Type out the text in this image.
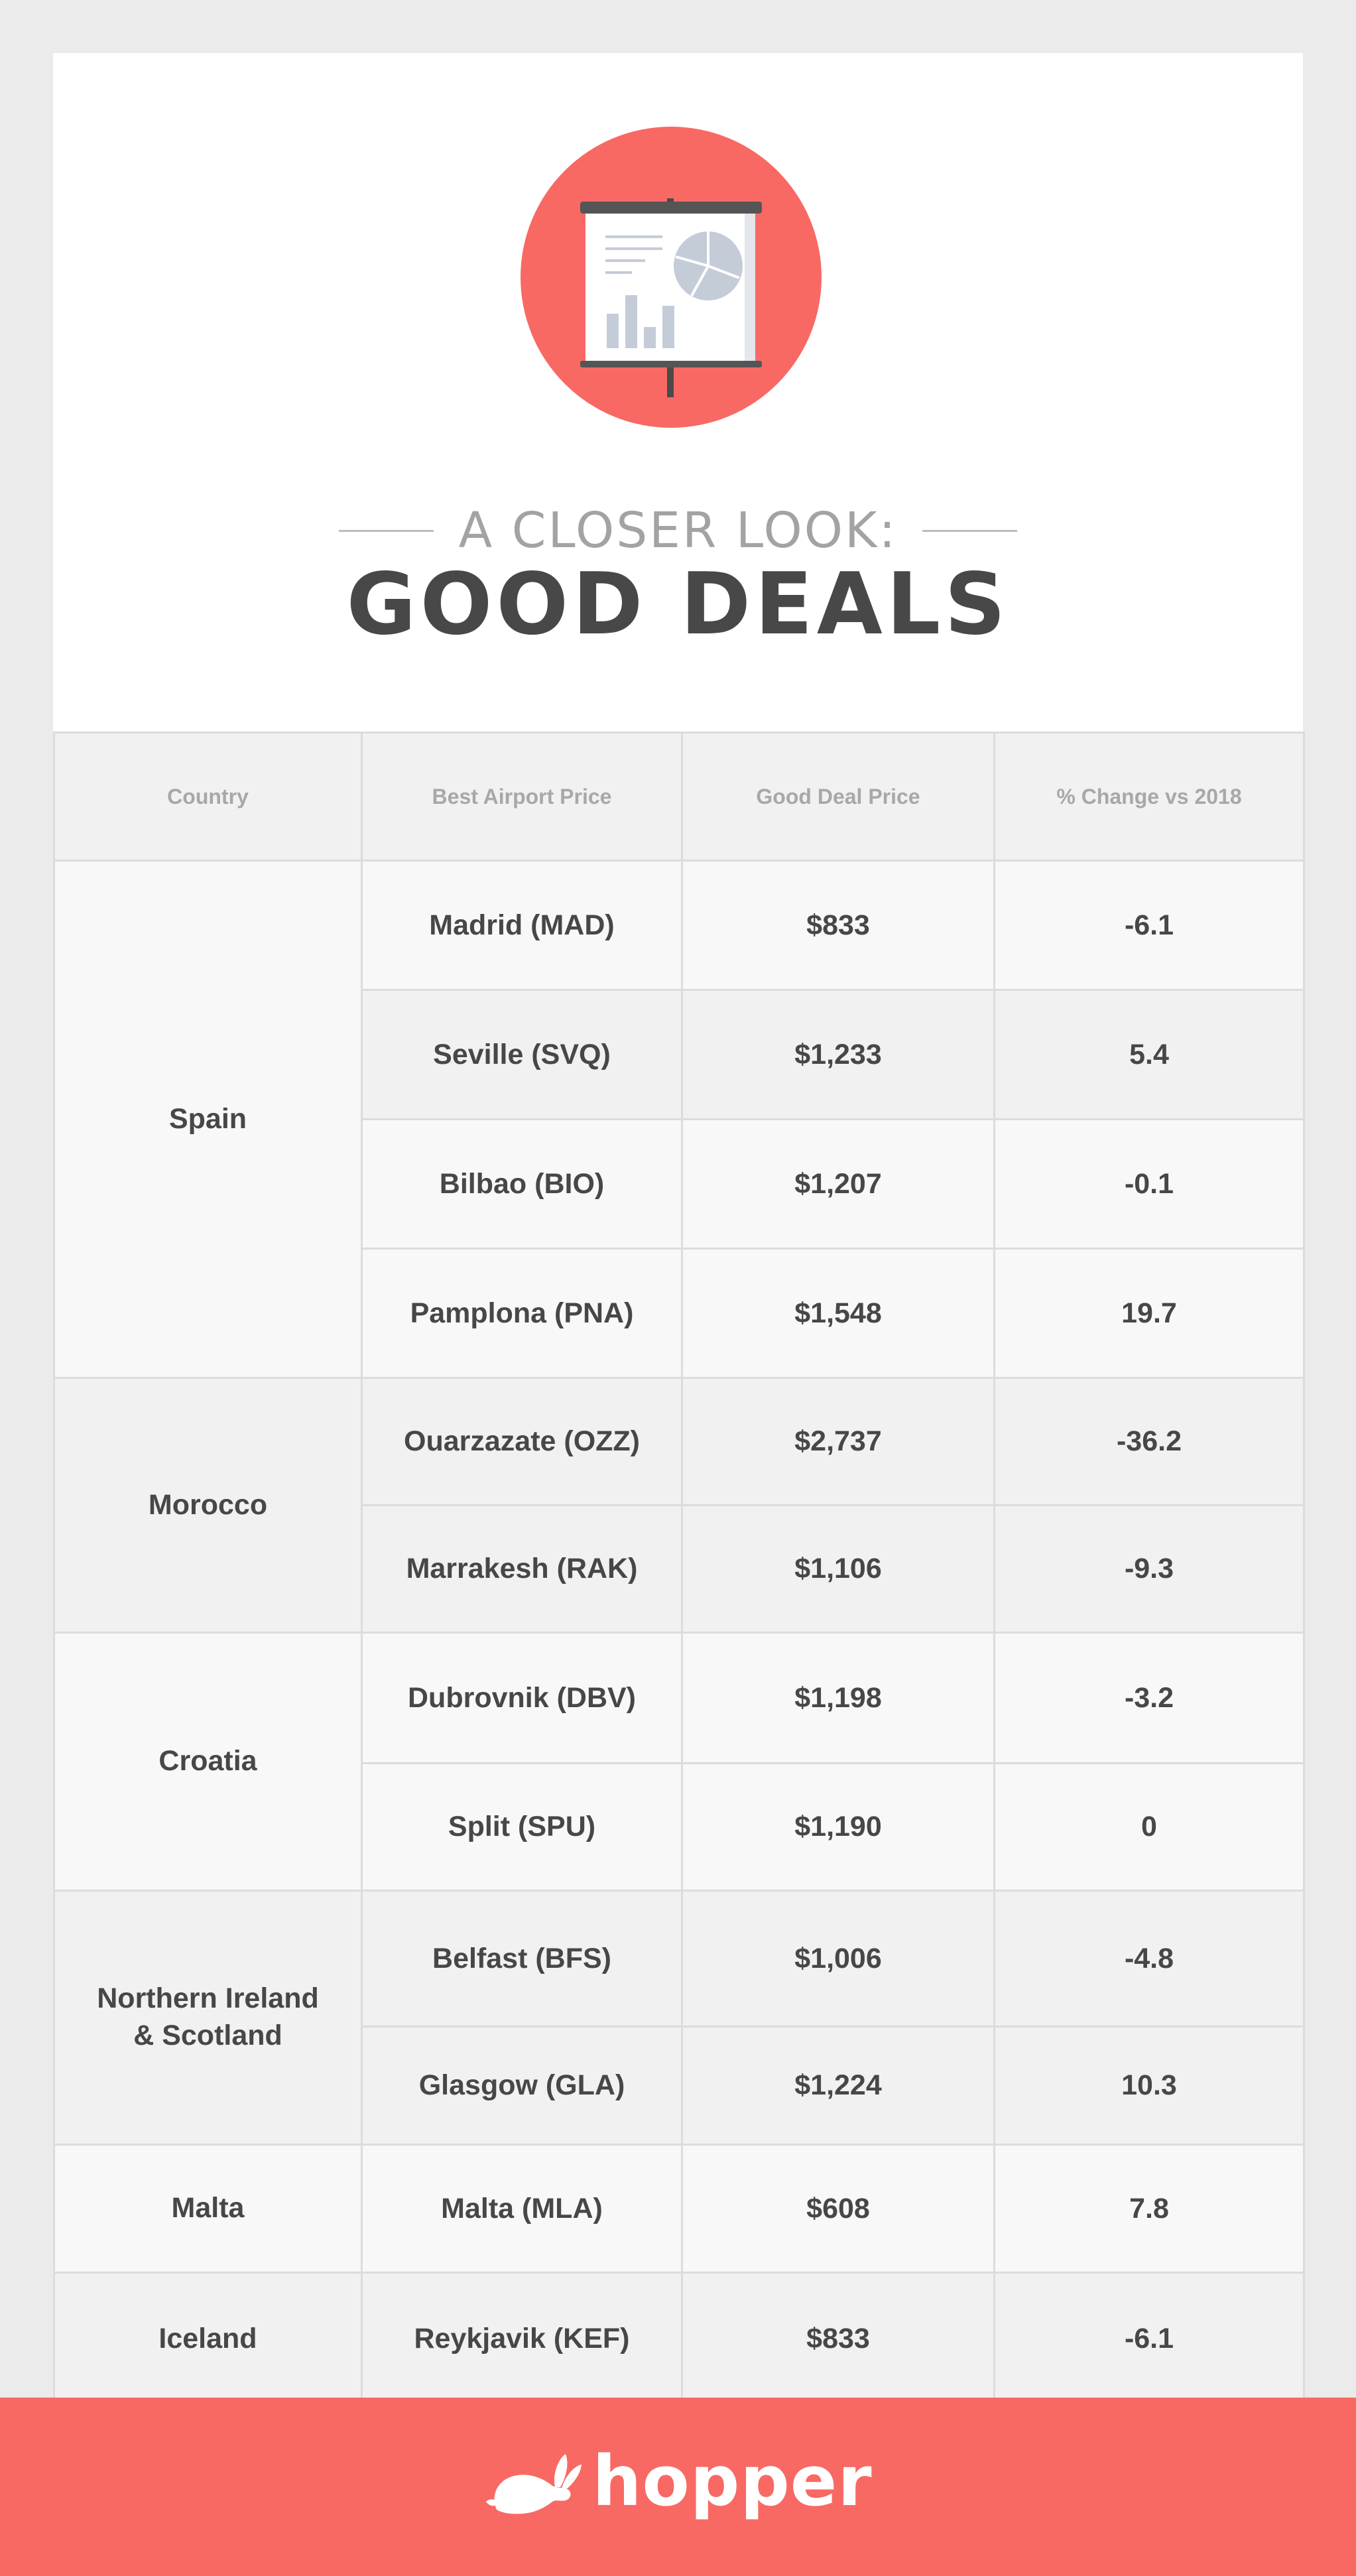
A CLOSER LOOK:
GOOD DEALS
Country	Best Airport Price	Good Deal Price	% Change vs 2018
Spain	Madrid (MAD)	$833	-6.1
	Seville (SVQ)	$1,233	5.4
	Bilbao (BIO)	$1,207	-0.1
	Pamplona (PNA)	$1,548	19.7
Morocco	Ouarzazate (OZZ)	$2,737	-36.2
	Marrakesh (RAK)	$1,106	-9.3
Croatia	Dubrovnik (DBV)	$1,198	-3.2
	Split (SPU)	$1,190	0

Northern Ireland
& Scotland	Belfast (BFS)	$1,006	-4.8
	Glasgow (GLA)	$1,224	10.3
Malta	Malta (MLA)	$608	7.8
Iceland	Reykjavik (KEF)	$833	-6.1
hopper
